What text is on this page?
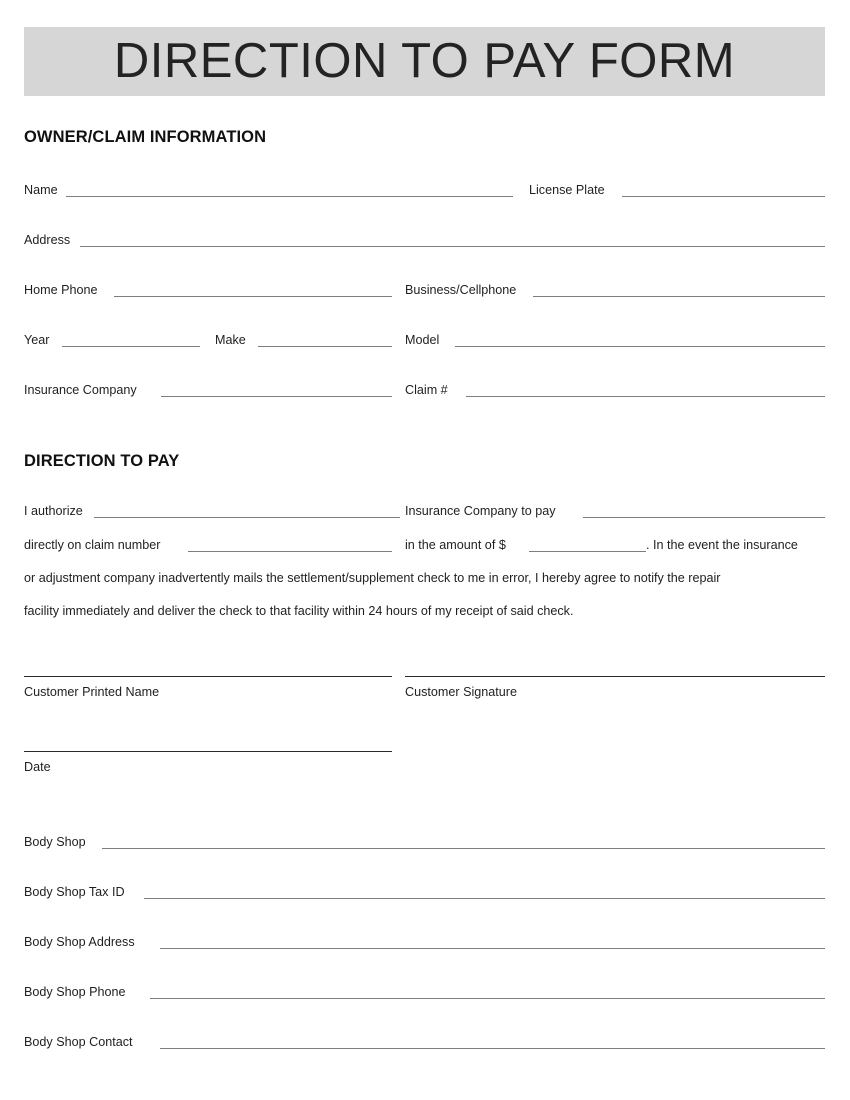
DIRECTION TO PAY FORM
OWNER/CLAIM INFORMATION
Name	License Plate
Address
Home Phone	Business/Cellphone
Year	Make	Model
Insurance Company	Claim #
DIRECTION TO PAY
I authorize	Insurance Company to pay
directly on claim number	in the amount of $	. In the event the insurance
or adjustment company inadvertently mails the settlement/supplement check to me in error, I hereby agree to notify the repair
facility immediately and deliver the check to that facility within 24 hours of my receipt of said check.
Customer Printed Name	Customer Signature
Date
Body Shop
Body Shop Tax ID
Body Shop Address
Body Shop Phone
Body Shop Contact
